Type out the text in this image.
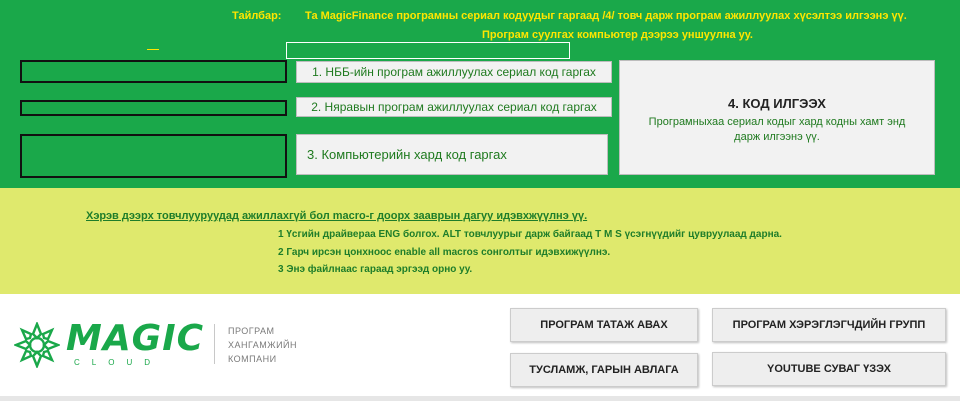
Тайлбар: Та MagicFinance програмны сериал кодуудыг гаргаад /4/ товч дарж програм ажиллуулах хүсэлтээ илгээнэ үү.
Програм суулгах компьютер дээрээ уншуулна уу.
1. НББ-ийн програм ажиллуулах сериал код гаргах
2. Няравын програм ажиллуулах сериал код гаргах
3. Компьютерийн хард код гаргах
4. КОД ИЛГЭЭХ
Програмныхаа сериал кодыг хард кодны хамт энд дарж илгээнэ үү.
Хэрэв дээрх товчлууруудад ажиллахгүй бол macro-г доорх зааврын дагуу идэвхжүүлнэ үү.
1 Үсгийн драйвераа ENG болгох. ALT товчлуурыг дарж байгаад T M S үсэгнүүдийг цувруулаад дарна.
2 Гарч ирсэн цонхноос enable all macros сонголтыг идэвхижүүлнэ.
3 Энэ файлнаас гараад эргээд орно уу.
MAGIC
CLOUD
ПРОГРАМ
ХАНГАМЖИЙН
КОМПАНИ
ПРОГРАМ ТАТАЖ АВАХ	ПРОГРАМ ХЭРЭГЛЭГЧДИЙН ГРУПП
ТУСЛАМЖ, ГАРЫН АВЛАГА	YOUTUBE СУВАГ ҮЗЭХ
